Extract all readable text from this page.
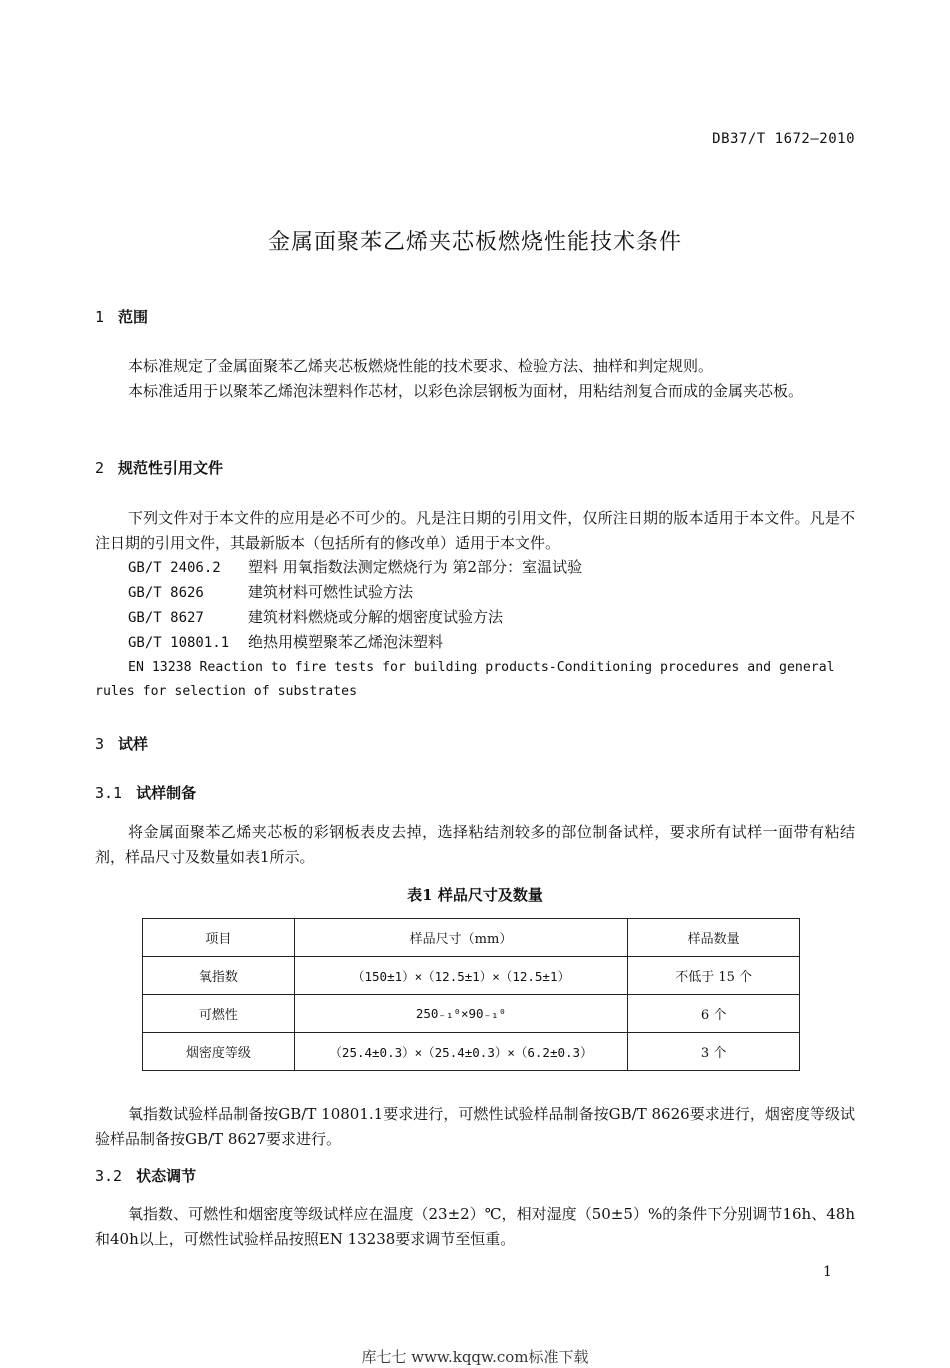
DB37/T 1672—2010
金属面聚苯乙烯夹芯板燃烧性能技术条件
1 范围
本标准规定了金属面聚苯乙烯夹芯板燃烧性能的技术要求、检验方法、抽样和判定规则。
本标准适用于以聚苯乙烯泡沫塑料作芯材，以彩色涂层钢板为面材，用粘结剂复合而成的金属夹芯板。
2 规范性引用文件
下列文件对于本文件的应用是必不可少的。凡是注日期的引用文件，仅所注日期的版本适用于本文件。凡是不注日期的引用文件，其最新版本（包括所有的修改单）适用于本文件。
GB/T 2406.2 塑料 用氧指数法测定燃烧行为 第2部分：室温试验
GB/T 8626	建筑材料可燃性试验方法
GB/T 8627	建筑材料燃烧或分解的烟密度试验方法
GB/T 10801.1 绝热用模塑聚苯乙烯泡沫塑料
EN 13238 Reaction to fire tests for building products-Conditioning procedures and general rules for selection of substrates
3 试样
3.1 试样制备
将金属面聚苯乙烯夹芯板的彩钢板表皮去掉，选择粘结剂较多的部位制备试样，要求所有试样一面带有粘结剂，样品尺寸及数量如表1所示。
表1 样品尺寸及数量
项目	样品尺寸（mm）	样品数量
氧指数	（150±1）×（12.5±1）×（12.5±1）	不低于 15 个
可燃性	250₋₁⁰×90₋₁⁰	6 个
烟密度等级	（25.4±0.3）×（25.4±0.3）×（6.2±0.3）	3 个
氧指数试验样品制备按GB/T 10801.1要求进行，可燃性试验样品制备按GB/T 8626要求进行，烟密度等级试验样品制备按GB/T 8627要求进行。
3.2 状态调节
氧指数、可燃性和烟密度等级试样应在温度（23±2）℃，相对湿度（50±5）%的条件下分别调节16h、48h和40h以上，可燃性试验样品按照EN 13238要求调节至恒重。
1
库七七 www.kqqw.com标准下载
